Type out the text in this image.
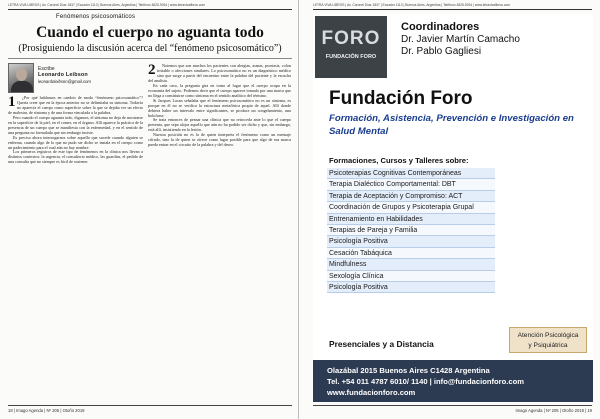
LETRA VIVA LIBROS | Av. Coronel Díaz 1837 | Ecuador 1113 | Buenos Aires, Argentina | Teléfono 4825-9034 | www.letravivalibros.com
Fenómenos psicosomáticos
Cuando el cuerpo no aguanta todo
(Prosiguiendo la discusión acerca del “fenómeno psicosomático”)
Escribe
Leonardo Leibson
leonardoleibson@gmail.com
1	¿Por qué hablamos en cambio de modo “fenómeno psicosomático”? Quería creer que en la época anterior no se delimitaba su sintoma. Todavía no aparecía el cuerpo como superficie sobre la que se dejaba ver un efecto de malestar, de síntoma y de una forma vinculada a la palabra.

Pero cuando el cuerpo aguanta todo, digamos, el síntoma no deja de mostrarse en la superficie de la piel, en el comer, en el órgano. Allí aparece la práctica de la presencia de un cuerpo que se manifiesta con la enfermedad, y en el sentido de una pregunta no formulada que sin embargo insiste.

Es preciso ahora interrogarnos sobre aquello que sucede cuando alguien se enferma, cuando algo de lo que no pudo ser dicho se instala en el cuerpo como un padecimiento para el cual aún no hay nombre.

Los primeros registros de este tipo de fenómenos en la clínica nos llevan a distintos contextos: la urgencia, el consultorio médico, las guardias, el pedido de una consulta que no siempre es fácil de sostener.

2	Notemos que son muchos los pacientes con alergias, asmas, psoriasis, colon irritable o afecciones similares. Lo psicosomático no es un diagnóstico médico sino que surge a partir del encuentro entre la palabra del paciente y la escucha del analista.

En cada caso, la pregunta gira en torno al lugar que el cuerpo ocupa en la economía del sujeto. Podemos decir que el cuerpo aparece tomado por una marca que no llega a constituirse como síntoma en el sentido analítico del término.

Si Jacques Lacan señalaba que el fenómeno psicosomático no es un síntoma, es porque en él no se verifica la estructura metafórica propia de aquel. Allí donde debiera haber un intervalo entre significantes, se produce un congelamiento, una holofrase.

Se trata entonces de pensar una clínica que no retroceda ante lo que el cuerpo presenta, que sepa alojar aquello que aún no ha podido ser dicho y que, sin embargo, está allí, insistiendo en la lesión.

Nuestra posición no es la de quien interpreta el fenómeno como un mensaje cifrado, sino la de quien se ofrece como lugar posible para que algo de esa marca pueda entrar en el circuito de la palabra y del deseo.

18 | Imago Agenda | Nº 205 | Otoño 2019
LETRA VIVA LIBROS | Av. Coronel Díaz 1837 | Ecuador 1113 | Buenos Aires, Argentina | Teléfono 4825-9034 | www.letravivalibros.com
FORO
FUNDACIÓN FORO
Coordinadores
Dr. Javier Martín Camacho
Dr. Pablo Gagliesi
Fundación Foro
Formación, Asistencia, Prevención e Investigación en Salud Mental
Formaciones, Cursos y Talleres sobre:
Psicoterapias Cognitivas Contemporáneas
Terapia Dialéctico Comportamental: DBT
Terapia de Aceptación y Compromiso: ACT
Coordinación de Grupos y Psicoterapia Grupal
Entrenamiento en Habilidades
Terapias de Pareja y Familia
Psicología Positiva
Cesación Tabáquica
Mindfulness
Sexología Clínica
Psicología Positiva
Atención Psicológica
y Psiquiátrica
Presenciales y a Distancia
Olazábal 2015 Buenos Aires C1428 Argentina
Tel. +54 011 4787 6010/ 1140 | info@fundacionforo.com
www.fundacionforo.com
Imago Agenda | Nº 205 | Otoño 2019 | 19
